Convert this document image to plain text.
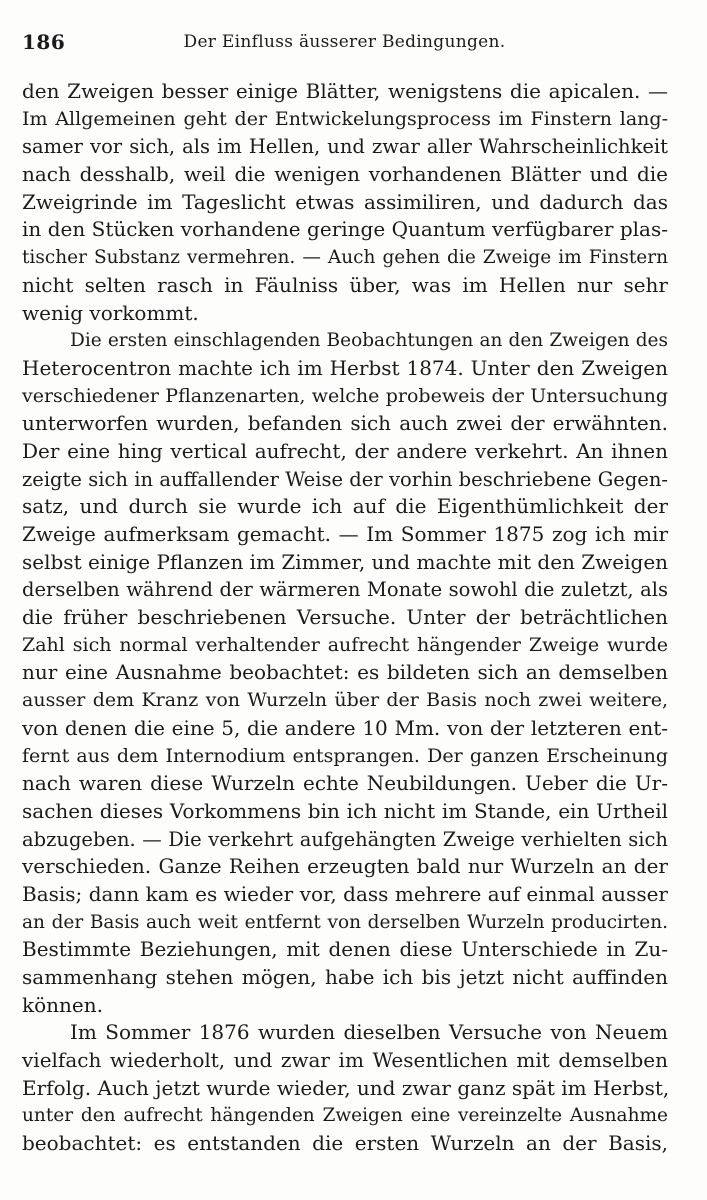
186	Der Einfluss äusserer Bedingungen.
den Zweigen besser einige Blätter, wenigstens die apicalen. —
Im Allgemeinen geht der Entwickelungsprocess im Finstern lang-
samer vor sich, als im Hellen, und zwar aller Wahrscheinlichkeit
nach desshalb, weil die wenigen vorhandenen Blätter und die
Zweigrinde im Tageslicht etwas assimiliren, und dadurch das
in den Stücken vorhandene geringe Quantum verfügbarer plas-
tischer Substanz vermehren. — Auch gehen die Zweige im Finstern
nicht selten rasch in Fäulniss über, was im Hellen nur sehr
wenig vorkommt.
Die ersten einschlagenden Beobachtungen an den Zweigen des
Heterocentron machte ich im Herbst 1874. Unter den Zweigen
verschiedener Pflanzenarten, welche probeweis der Untersuchung
unterworfen wurden, befanden sich auch zwei der erwähnten.
Der eine hing vertical aufrecht, der andere verkehrt. An ihnen
zeigte sich in auffallender Weise der vorhin beschriebene Gegen-
satz, und durch sie wurde ich auf die Eigenthümlichkeit der
Zweige aufmerksam gemacht. — Im Sommer 1875 zog ich mir
selbst einige Pflanzen im Zimmer, und machte mit den Zweigen
derselben während der wärmeren Monate sowohl die zuletzt, als
die früher beschriebenen Versuche. Unter der beträchtlichen
Zahl sich normal verhaltender aufrecht hängender Zweige wurde
nur eine Ausnahme beobachtet: es bildeten sich an demselben
ausser dem Kranz von Wurzeln über der Basis noch zwei weitere,
von denen die eine 5, die andere 10 Mm. von der letzteren ent-
fernt aus dem Internodium entsprangen. Der ganzen Erscheinung
nach waren diese Wurzeln echte Neubildungen. Ueber die Ur-
sachen dieses Vorkommens bin ich nicht im Stande, ein Urtheil
abzugeben. — Die verkehrt aufgehängten Zweige verhielten sich
verschieden. Ganze Reihen erzeugten bald nur Wurzeln an der
Basis; dann kam es wieder vor, dass mehrere auf einmal ausser
an der Basis auch weit entfernt von derselben Wurzeln producirten.
Bestimmte Beziehungen, mit denen diese Unterschiede in Zu-
sammenhang stehen mögen, habe ich bis jetzt nicht auffinden
können.
Im Sommer 1876 wurden dieselben Versuche von Neuem
vielfach wiederholt, und zwar im Wesentlichen mit demselben
Erfolg. Auch jetzt wurde wieder, und zwar ganz spät im Herbst,
unter den aufrecht hängenden Zweigen eine vereinzelte Ausnahme
beobachtet: es entstanden die ersten Wurzeln an der Basis,
